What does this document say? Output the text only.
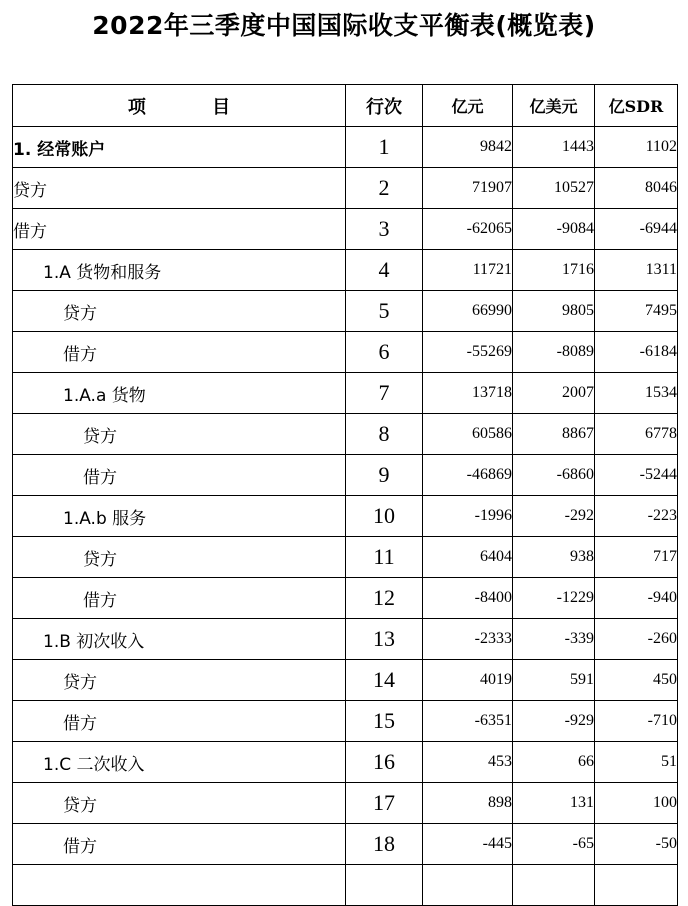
2022年三季度中国国际收支平衡表(概览表)
项 目	行次	亿元	亿美元	亿SDR
1. 经常账户	1	9842	1443	1102
贷方	2	71907	10527	8046
借方	3	-62065	-9084	-6944
1.A 货物和服务	4	11721	1716	1311
贷方	5	66990	9805	7495
借方	6	-55269	-8089	-6184
1.A.a 货物	7	13718	2007	1534
贷方	8	60586	8867	6778
借方	9	-46869	-6860	-5244
1.A.b 服务	10	-1996	-292	-223
贷方	11	6404	938	717
借方	12	-8400	-1229	-940
1.B 初次收入	13	-2333	-339	-260
贷方	14	4019	591	450
借方	15	-6351	-929	-710
1.C 二次收入	16	453	66	51
贷方	17	898	131	100
借方	18	-445	-65	-50
